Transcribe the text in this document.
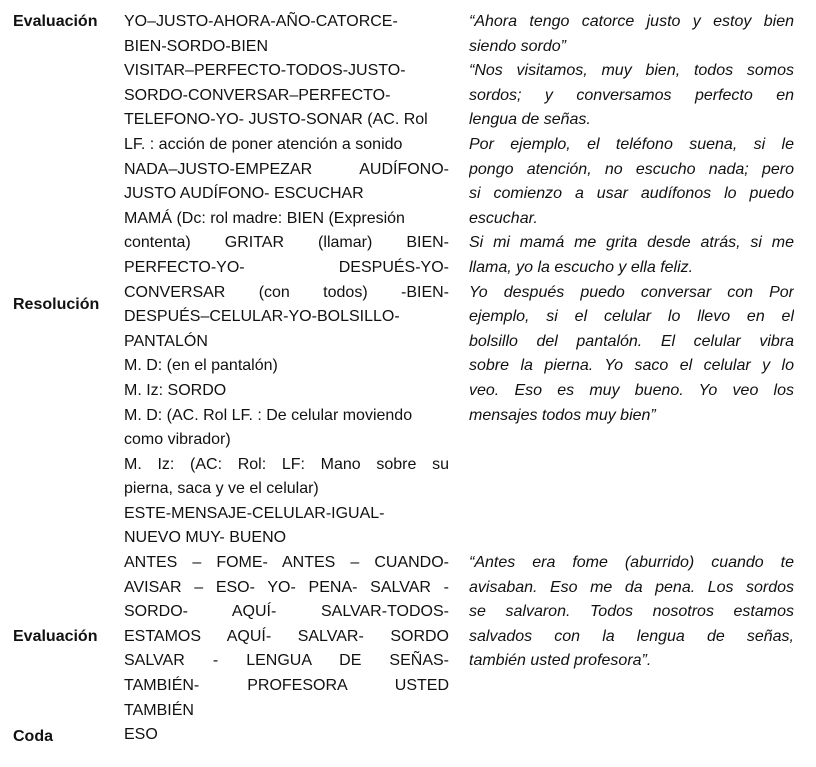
Evaluación
Resolución
Evaluación
Coda
YO–JUSTO-AHORA-AÑO-CATORCE-
BIEN-SORDO-BIEN
VISITAR–PERFECTO-TODOS-JUSTO-
SORDO-CONVERSAR–PERFECTO-
TELEFONO-YO- JUSTO-SONAR (AC. Rol
LF. : acción de poner atención a sonido
NADA–JUSTO-EMPEZAR AUDÍFONO-
JUSTO AUDÍFONO- ESCUCHAR
MAMÁ (Dc: rol madre: BIEN (Expresión
contenta) GRITAR (llamar) BIEN-
PERFECTO-YO- DESPUÉS-YO-
CONVERSAR (con todos) -BIEN-
DESPUÉS–CELULAR-YO-BOLSILLO-
PANTALÓN
M. D: (en el pantalón)
M. Iz: SORDO
M. D: (AC. Rol LF. : De celular moviendo
como vibrador)
M. Iz: (AC: Rol: LF: Mano sobre su
pierna, saca y ve el celular)
ESTE-MENSAJE-CELULAR-IGUAL-
NUEVO MUY- BUENO
ANTES – FOME- ANTES – CUANDO-
AVISAR – ESO- YO- PENA- SALVAR -
SORDO- AQUÍ- SALVAR-TODOS-
ESTAMOS AQUÍ- SALVAR- SORDO
SALVAR - LENGUA DE SEÑAS-
TAMBIÉN- PROFESORA USTED
TAMBIÉN
ESO
“Ahora tengo catorce justo y estoy bien
siendo sordo”
“Nos visitamos, muy bien, todos somos
sordos; y conversamos perfecto en
lengua de señas.
Por ejemplo, el teléfono suena, si le
pongo atención, no escucho nada; pero
si comienzo a usar audífonos lo puedo
escuchar.
Si mi mamá me grita desde atrás, si me
llama, yo la escucho y ella feliz.
Yo después puedo conversar con Por
ejemplo, si el celular lo llevo en el
bolsillo del pantalón. El celular vibra
sobre la pierna. Yo saco el celular y lo
veo. Eso es muy bueno. Yo veo los
mensajes todos muy bien”
“Antes era fome (aburrido) cuando te
avisaban. Eso me da pena. Los sordos
se salvaron. Todos nosotros estamos
salvados con la lengua de señas,
también usted profesora”.
